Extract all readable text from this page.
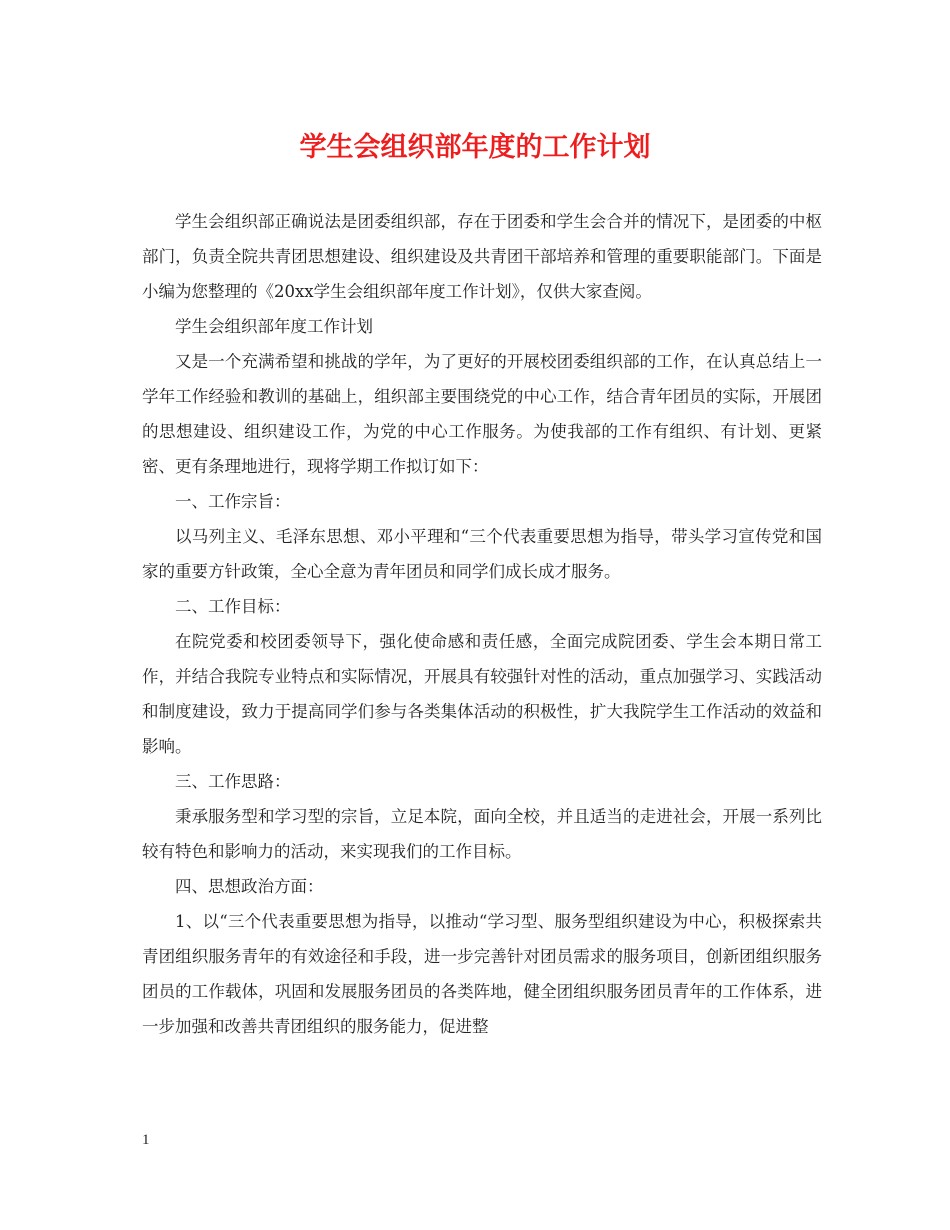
学生会组织部年度的工作计划

学生会组织部正确说法是团委组织部，存在于团委和学生会合并的情况下，是团委的中枢部门，负责全院共青团思想建设、组织建设及共青团干部培养和管理的重要职能部门。下面是小编为您整理的《20xx学生会组织部年度工作计划》，仅供大家查阅。

学生会组织部年度工作计划

又是一个充满希望和挑战的学年，为了更好的开展校团委组织部的工作，在认真总结上一学年工作经验和教训的基础上，组织部主要围绕党的中心工作，结合青年团员的实际，开展团的思想建设、组织建设工作，为党的中心工作服务。为使我部的工作有组织、有计划、更紧密、更有条理地进行，现将学期工作拟订如下：

一、工作宗旨：

以马列主义、毛泽东思想、邓小平理和“三个代表重要思想为指导，带头学习宣传党和国家的重要方针政策，全心全意为青年团员和同学们成长成才服务。

二、工作目标：

在院党委和校团委领导下，强化使命感和责任感，全面完成院团委、学生会本期日常工作，并结合我院专业特点和实际情况，开展具有较强针对性的活动，重点加强学习、实践活动和制度建设，致力于提高同学们参与各类集体活动的积极性，扩大我院学生工作活动的效益和影响。

三、工作思路：

秉承服务型和学习型的宗旨，立足本院，面向全校，并且适当的走进社会，开展一系列比较有特色和影响力的活动，来实现我们的工作目标。

四、思想政治方面：

1、以“三个代表重要思想为指导，以推动“学习型、服务型组织建设为中心，积极探索共青团组织服务青年的有效途径和手段，进一步完善针对团员需求的服务项目，创新团组织服务团员的工作载体，巩固和发展服务团员的各类阵地，健全团组织服务团员青年的工作体系，进一步加强和改善共青团组织的服务能力，促进整

1
